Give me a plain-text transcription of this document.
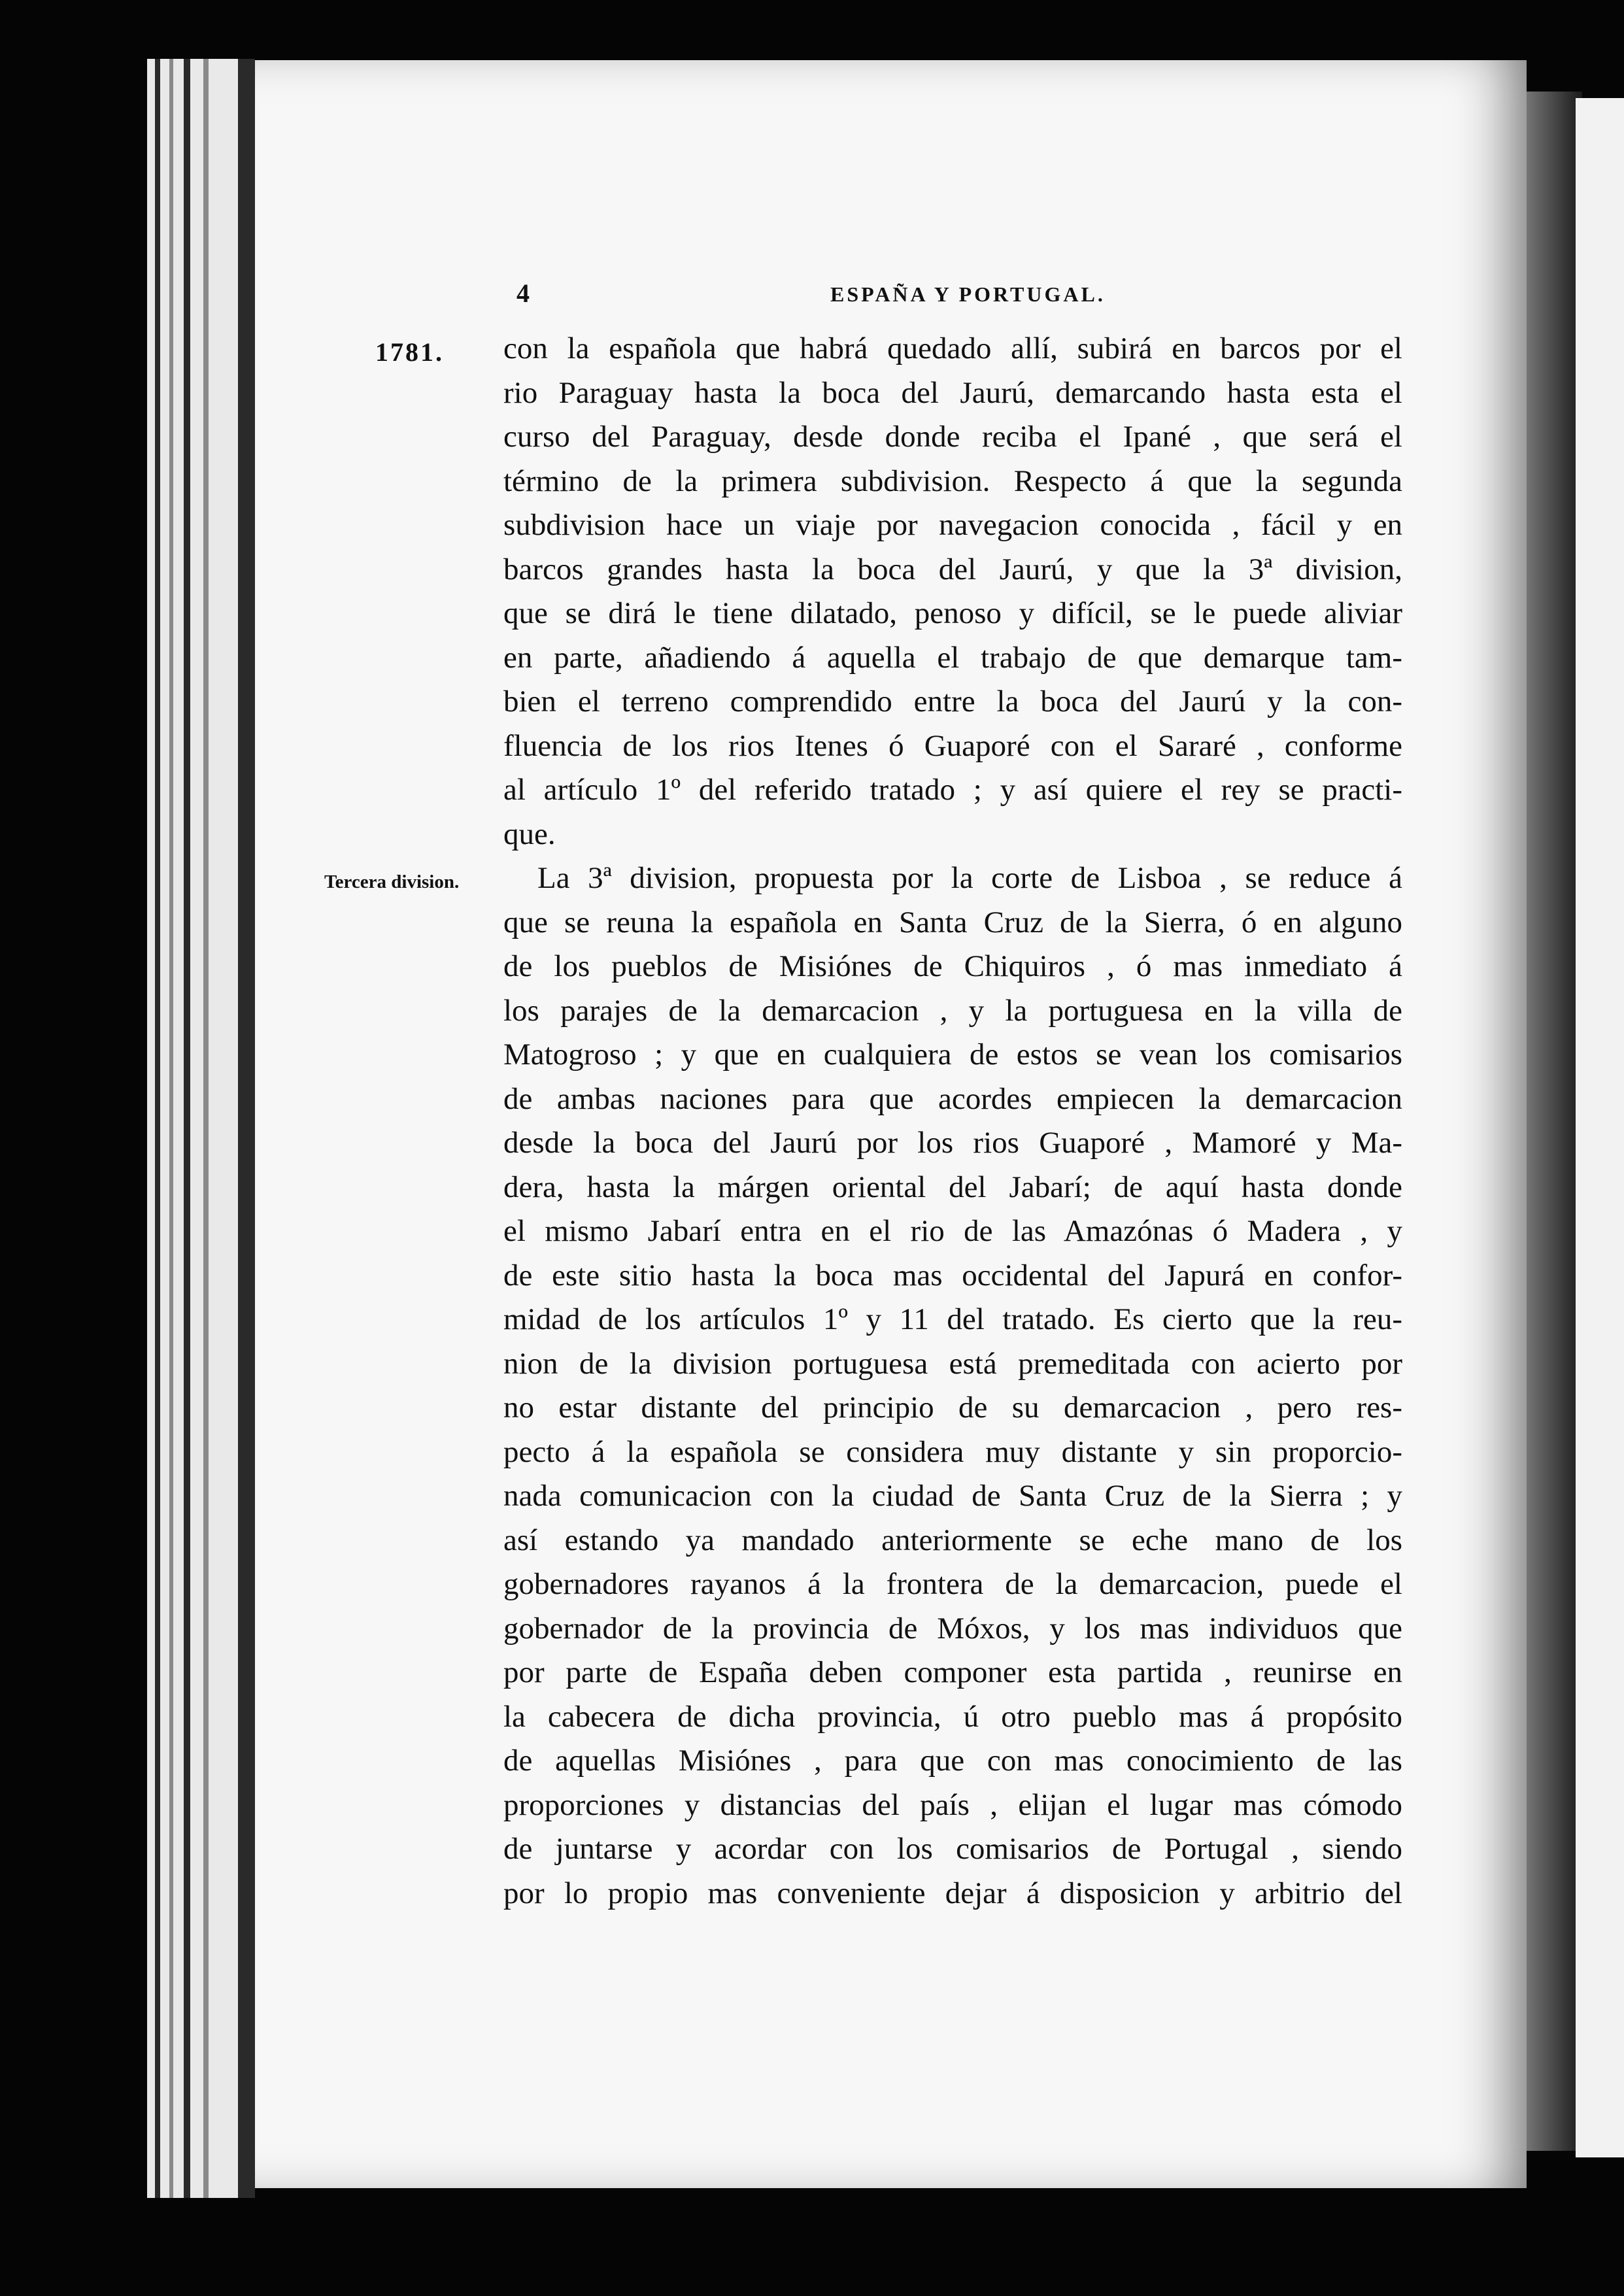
4	ESPAÑA Y PORTUGAL.
1781.
Tercera division.
con la española que habrá quedado allí, subirá en barcos por el
rio Paraguay hasta la boca del Jaurú, demarcando hasta esta el
curso del Paraguay, desde donde reciba el Ipané , que será el
término de la primera subdivision. Respecto á que la segunda
subdivision hace un viaje por navegacion conocida , fácil y en
barcos grandes hasta la boca del Jaurú, y que la 3ª division,
que se dirá le tiene dilatado, penoso y difícil, se le puede aliviar
en parte, añadiendo á aquella el trabajo de que demarque tam-
bien el terreno comprendido entre la boca del Jaurú y la con-
fluencia de los rios Itenes ó Guaporé con el Sararé , conforme
al artículo 1º del referido tratado ; y así quiere el rey se practi-
que.
La 3ª division, propuesta por la corte de Lisboa , se reduce á
que se reuna la española en Santa Cruz de la Sierra, ó en alguno
de los pueblos de Misiónes de Chiquiros , ó mas inmediato á
los parajes de la demarcacion , y la portuguesa en la villa de
Matogroso ; y que en cualquiera de estos se vean los comisarios
de ambas naciones para que acordes empiecen la demarcacion
desde la boca del Jaurú por los rios Guaporé , Mamoré y Ma-
dera, hasta la márgen oriental del Jabarí; de aquí hasta donde
el mismo Jabarí entra en el rio de las Amazónas ó Madera , y
de este sitio hasta la boca mas occidental del Japurá en confor-
midad de los artículos 1º y 11 del tratado. Es cierto que la reu-
nion de la division portuguesa está premeditada con acierto por
no estar distante del principio de su demarcacion , pero res-
pecto á la española se considera muy distante y sin proporcio-
nada comunicacion con la ciudad de Santa Cruz de la Sierra ; y
así estando ya mandado anteriormente se eche mano de los
gobernadores rayanos á la frontera de la demarcacion, puede el
gobernador de la provincia de Móxos, y los mas individuos que
por parte de España deben componer esta partida , reunirse en
la cabecera de dicha provincia, ú otro pueblo mas á propósito
de aquellas Misiónes , para que con mas conocimiento de las
proporciones y distancias del país , elijan el lugar mas cómodo
de juntarse y acordar con los comisarios de Portugal , siendo
por lo propio mas conveniente dejar á disposicion y arbitrio del
